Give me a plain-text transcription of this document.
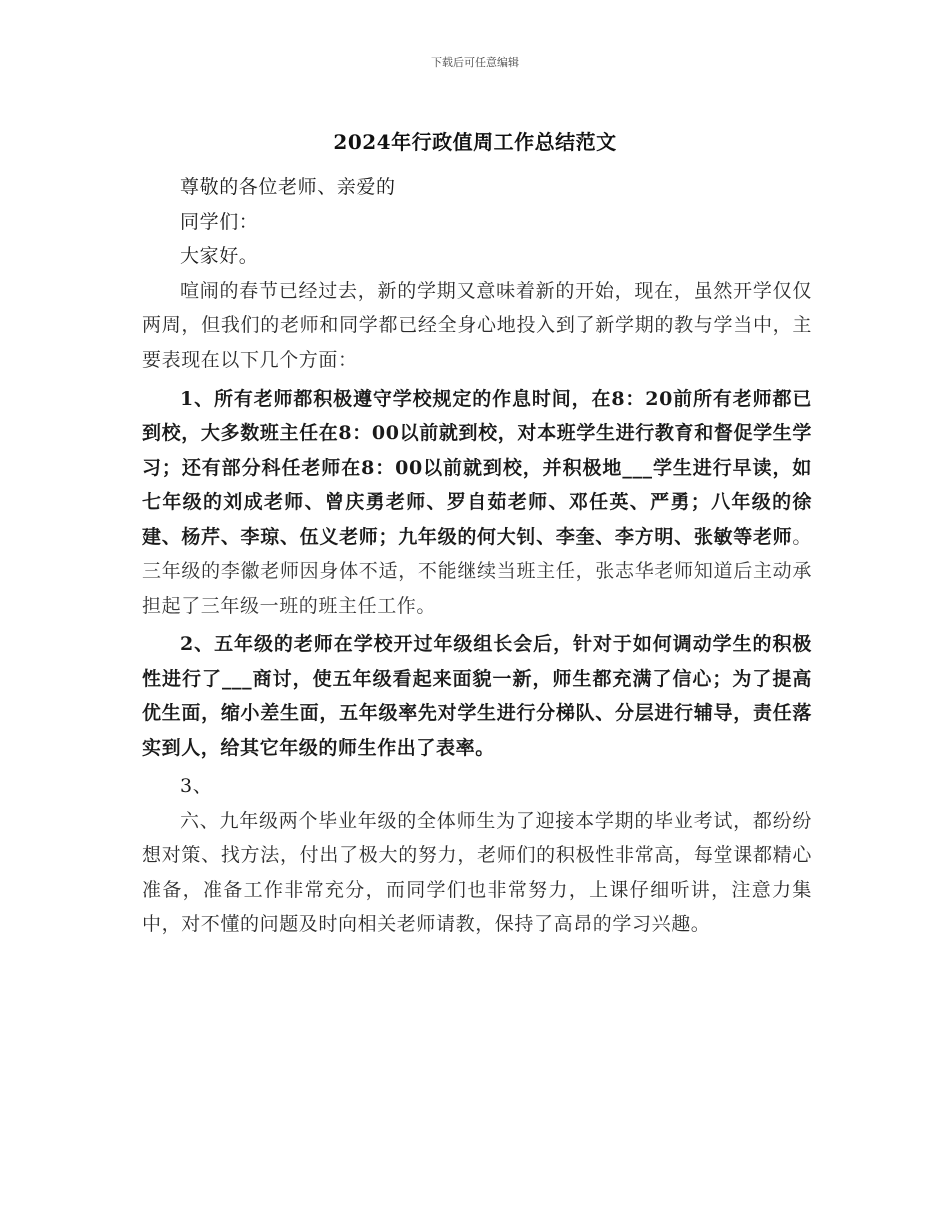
下载后可任意编辑
2024年行政值周工作总结范文

尊敬的各位老师、亲爱的

同学们：

大家好。

喧闹的春节已经过去，新的学期又意味着新的开始，现在，虽然开学仅仅两周，但我们的老师和同学都已经全身心地投入到了新学期的教与学当中，主要表现在以下几个方面：

1、所有老师都积极遵守学校规定的作息时间，在8：20前所有老师都已到校，大多数班主任在8：00以前就到校，对本班学生进行教育和督促学生学习；还有部分科任老师在8：00以前就到校，并积极地___学生进行早读，如七年级的刘成老师、曾庆勇老师、罗自茹老师、邓任英、严勇；八年级的徐建、杨芹、李琼、伍义老师；九年级的何大钊、李奎、李方明、张敏等老师。三年级的李徽老师因身体不适，不能继续当班主任，张志华老师知道后主动承担起了三年级一班的班主任工作。

2、五年级的老师在学校开过年级组长会后，针对于如何调动学生的积极性进行了___商讨，使五年级看起来面貌一新，师生都充满了信心；为了提高优生面，缩小差生面，五年级率先对学生进行分梯队、分层进行辅导，责任落实到人，给其它年级的师生作出了表率。

3、

六、九年级两个毕业年级的全体师生为了迎接本学期的毕业考试，都纷纷想对策、找方法，付出了极大的努力，老师们的积极性非常高，每堂课都精心准备，准备工作非常充分，而同学们也非常努力，上课仔细听讲，注意力集中，对不懂的问题及时向相关老师请教，保持了高昂的学习兴趣。
